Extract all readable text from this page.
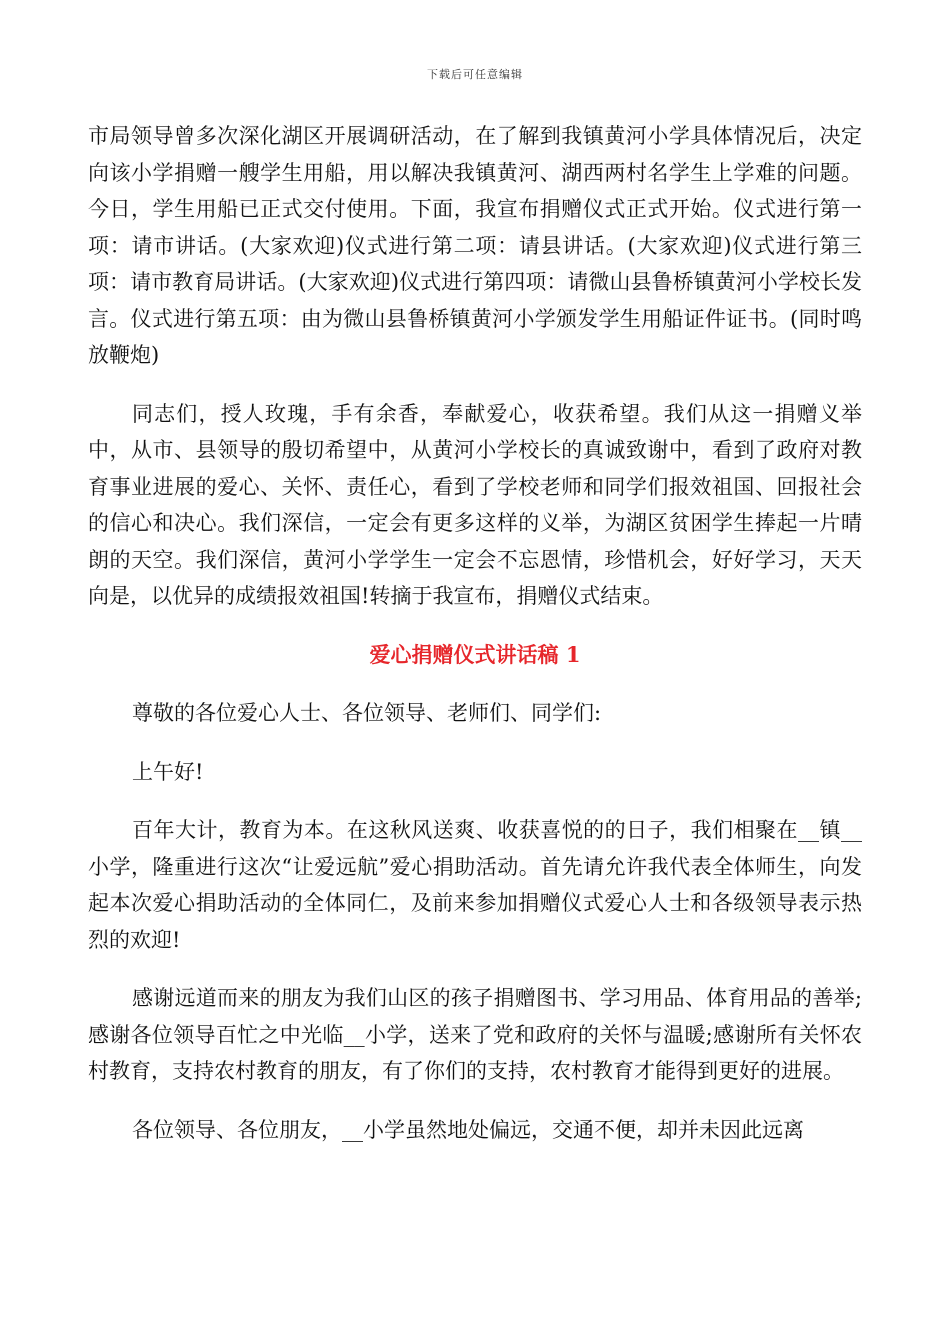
下载后可任意编辑

市局领导曾多次深化湖区开展调研活动，在了解到我镇黄河小学具体情况后，决定向该小学捐赠一艘学生用船，用以解决我镇黄河、湖西两村名学生上学难的问题。今日，学生用船已正式交付使用。下面，我宣布捐赠仪式正式开始。仪式进行第一项：请市讲话。(大家欢迎)仪式进行第二项：请县讲话。(大家欢迎)仪式进行第三项：请市教育局讲话。(大家欢迎)仪式进行第四项：请微山县鲁桥镇黄河小学校长发言。仪式进行第五项：由为微山县鲁桥镇黄河小学颁发学生用船证件证书。(同时鸣放鞭炮)

同志们，授人玫瑰，手有余香，奉献爱心，收获希望。我们从这一捐赠义举中，从市、县领导的殷切希望中，从黄河小学校长的真诚致谢中，看到了政府对教育事业进展的爱心、关怀、责任心，看到了学校老师和同学们报效祖国、回报社会的信心和决心。我们深信，一定会有更多这样的义举，为湖区贫困学生捧起一片晴朗的天空。我们深信，黄河小学学生一定会不忘恩情，珍惜机会，好好学习，天天向是，以优异的成绩报效祖国!转摘于我宣布，捐赠仪式结束。

爱心捐赠仪式讲话稿 1

尊敬的各位爱心人士、各位领导、老师们、同学们:

上午好!

百年大计，教育为本。在这秋风送爽、收获喜悦的的日子，我们相聚在__镇__小学，隆重进行这次“让爱远航”爱心捐助活动。首先请允许我代表全体师生，向发起本次爱心捐助活动的全体同仁，及前来参加捐赠仪式爱心人士和各级领导表示热烈的欢迎!

感谢远道而来的朋友为我们山区的孩子捐赠图书、学习用品、体育用品的善举;感谢各位领导百忙之中光临__小学，送来了党和政府的关怀与温暖;感谢所有关怀农村教育，支持农村教育的朋友，有了你们的支持，农村教育才能得到更好的进展。

各位领导、各位朋友，__小学虽然地处偏远，交通不便，却并未因此远离
